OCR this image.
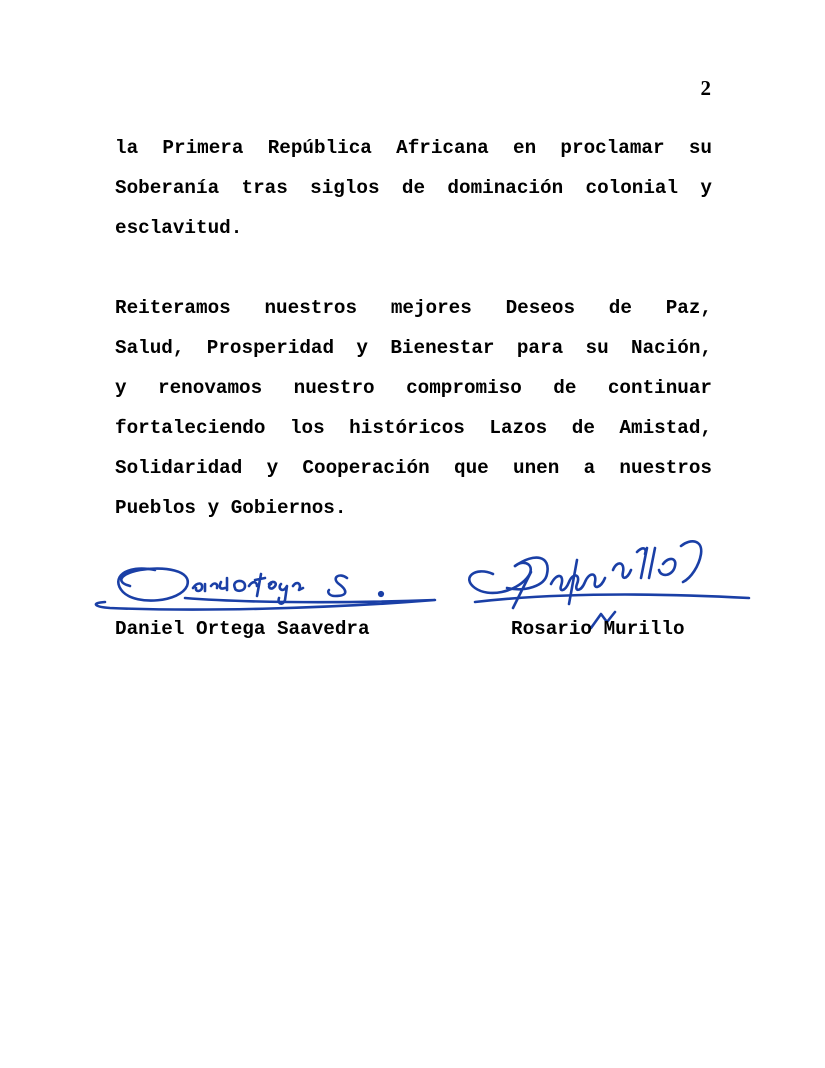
2

la Primera República Africana en proclamar su
Soberanía tras siglos de dominación colonial y
esclavitud.

Reiteramos nuestros mejores Deseos de Paz,
Salud, Prosperidad y Bienestar para su Nación,
y renovamos nuestro compromiso de continuar
fortaleciendo los históricos Lazos de Amistad,
Solidaridad y Cooperación que unen a nuestros
Pueblos y Gobiernos.

Daniel Ortega Saavedra	Rosario Murillo
